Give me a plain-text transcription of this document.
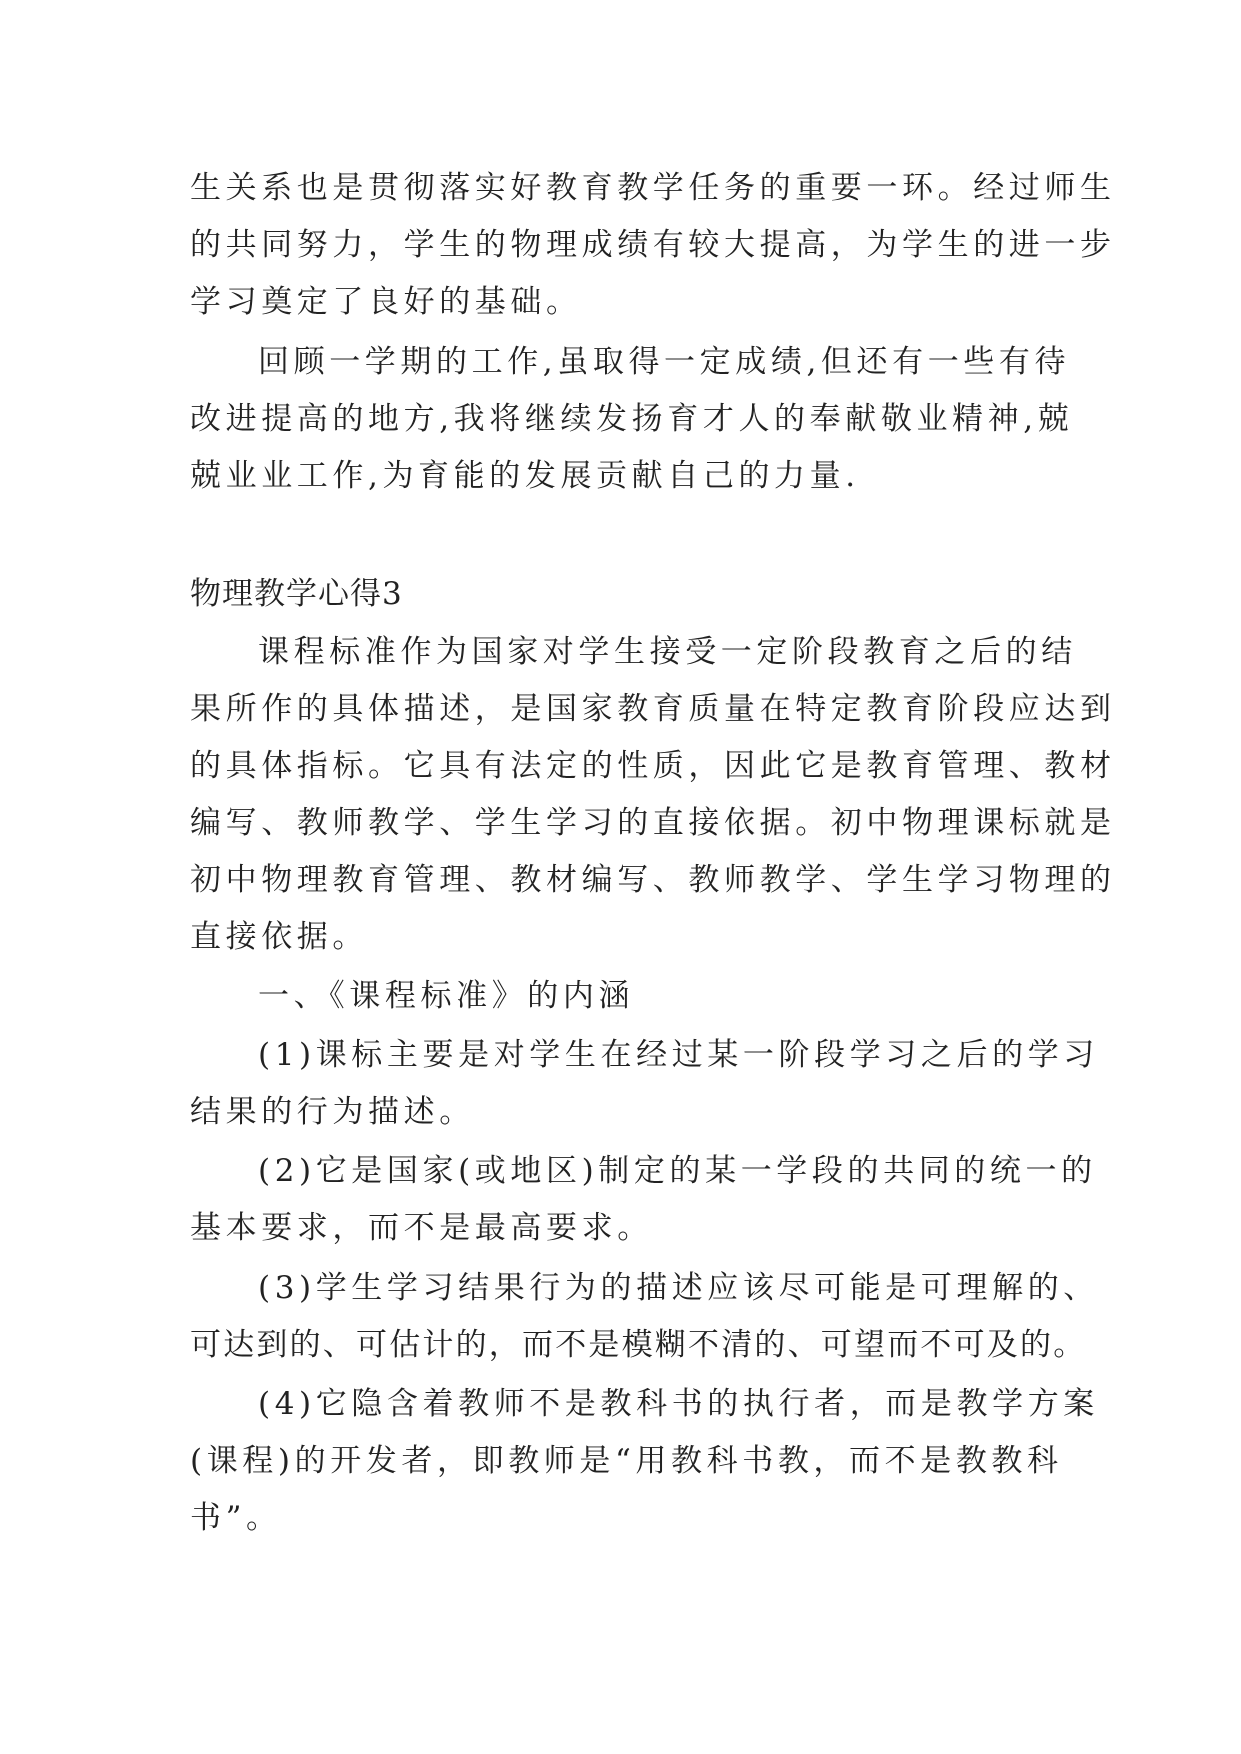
生关系也是贯彻落实好教育教学任务的重要一环。经过师生
的共同努力，学生的物理成绩有较大提高，为学生的进一步
学习奠定了良好的基础。
回顾一学期的工作,虽取得一定成绩,但还有一些有待
改进提高的地方,我将继续发扬育才人的奉献敬业精神,兢
兢业业工作,为育能的发展贡献自己的力量.
物理教学心得3
课程标准作为国家对学生接受一定阶段教育之后的结
果所作的具体描述，是国家教育质量在特定教育阶段应达到
的具体指标。它具有法定的性质，因此它是教育管理、教材
编写、教师教学、学生学习的直接依据。初中物理课标就是
初中物理教育管理、教材编写、教师教学、学生学习物理的
直接依据。
一、《课程标准》的内涵
(1)课标主要是对学生在经过某一阶段学习之后的学习
结果的行为描述。
(2)它是国家(或地区)制定的某一学段的共同的统一的
基本要求，而不是最高要求。
(3)学生学习结果行为的描述应该尽可能是可理解的、
可达到的、可估计的，而不是模糊不清的、可望而不可及的。
(4)它隐含着教师不是教科书的执行者，而是教学方案
(课程)的开发者，即教师是“用教科书教，而不是教教科
书”。
